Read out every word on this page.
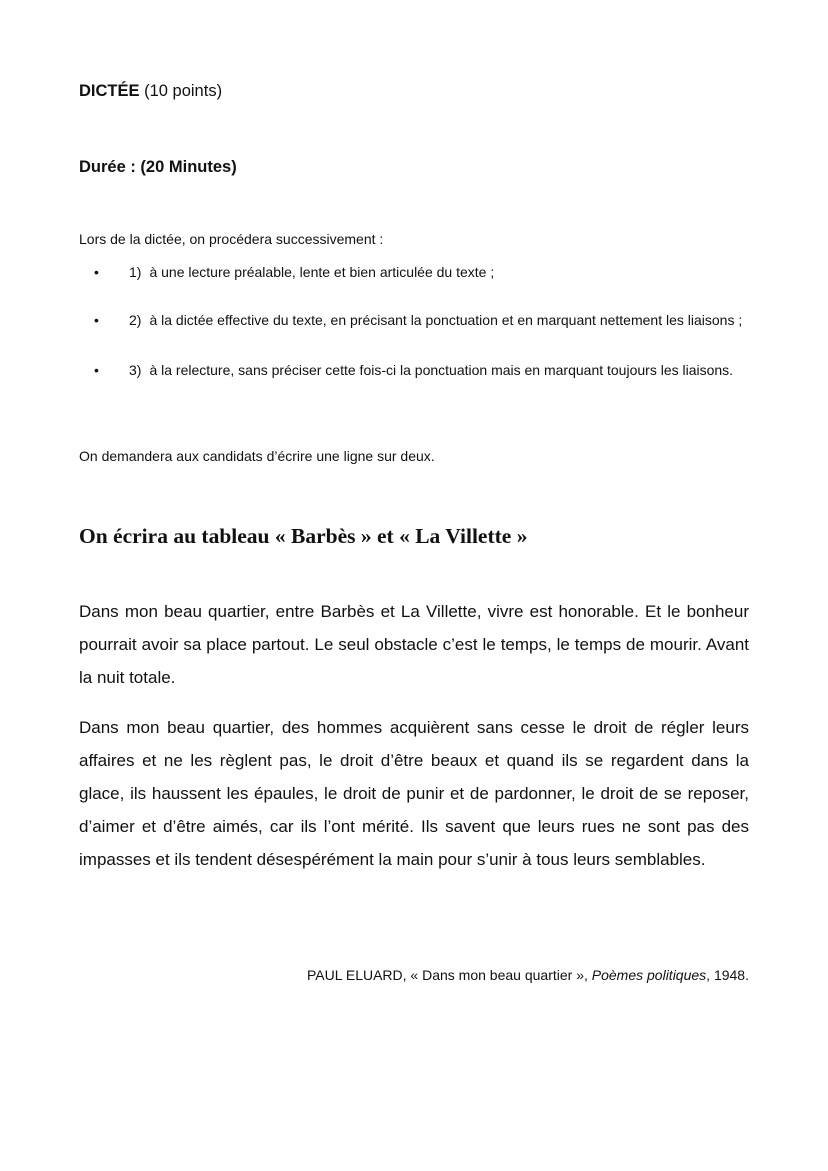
DICTÉE (10 points)
Durée : (20 Minutes)
Lors de la dictée, on procédera successivement :
• 1) à une lecture préalable, lente et bien articulée du texte ;
• 2) à la dictée effective du texte, en précisant la ponctuation et en marquant nettement les liaisons ;
• 3) à la relecture, sans préciser cette fois-ci la ponctuation mais en marquant toujours les liaisons.
On demandera aux candidats d’écrire une ligne sur deux.
On écrira au tableau « Barbès » et « La Villette »

Dans mon beau quartier, entre Barbès et La Villette, vivre est honorable. Et le bonheur pourrait avoir sa place partout. Le seul obstacle c’est le temps, le temps de mourir. Avant la nuit totale.

Dans mon beau quartier, des hommes acquièrent sans cesse le droit de régler leurs affaires et ne les règlent pas, le droit d’être beaux et quand ils se regardent dans la glace, ils haussent les épaules, le droit de punir et de pardonner, le droit de se reposer, d’aimer et d’être aimés, car ils l’ont mérité. Ils savent que leurs rues ne sont pas des impasses et ils tendent désespérément la main pour s’unir à tous leurs semblables.

PAUL ELUARD, « Dans mon beau quartier », Poèmes politiques, 1948.
